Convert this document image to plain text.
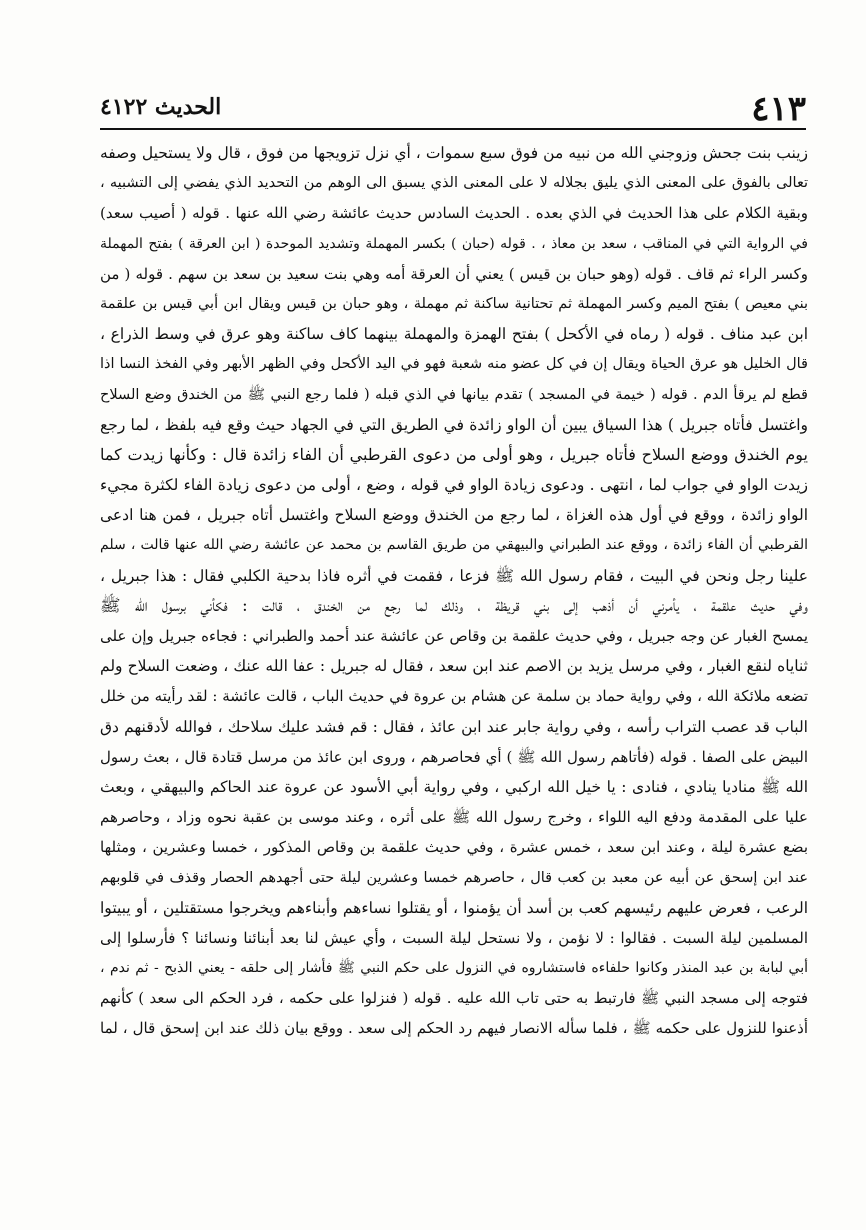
٤١٣
الحديث ٤١٢٢
زينب بنت جحش وزوجني الله من نبيه من فوق سبع سموات ، أي نزل تزويجها من فوق ، قال ولا يستحيل وصفه
تعالى بالفوق على المعنى الذي يليق بجلاله لا على المعنى الذي يسبق الى الوهم من التحديد الذي يفضي إلى التشبيه ،
وبقية الكلام على هذا الحديث في الذي بعده . الحديث السادس حديث عائشة رضي الله عنها . قوله ( أصيب سعد)
في الرواية التي في المناقب ، سعد بن معاذ ، . قوله (حبان ) بكسر المهملة وتشديد الموحدة ( ابن العرقة ) بفتح المهملة
وكسر الراء ثم قاف . قوله (وهو حبان بن قيس ) يعني أن العرقة أمه وهي بنت سعيد بن سعد بن سهم . قوله ( من
بني معيص ) بفتح الميم وكسر المهملة ثم تحتانية ساكنة ثم مهملة ، وهو حبان بن قيس ويقال ابن أبي قيس بن علقمة
ابن عبد مناف . قوله ( رماه في الأكحل ) بفتح الهمزة والمهملة بينهما كاف ساكنة وهو عرق في وسط الذراع ،
قال الخليل هو عرق الحياة ويقال إن في كل عضو منه شعبة فهو في اليد الأكحل وفي الظهر الأبهر وفي الفخذ النسا اذا
قطع لم يرقأ الدم . قوله ( خيمة في المسجد ) تقدم بيانها في الذي قبله ( فلما رجع النبي ﷺ من الخندق وضع السلاح
واغتسل فأتاه جبريل ) هذا السياق يبين أن الواو زائدة في الطريق التي في الجهاد حيث وقع فيه بلفظ ، لما رجع
يوم الخندق ووضع السلاح فأتاه جبريل ، وهو أولى من دعوى القرطبي أن الفاء زائدة قال : وكأنها زيدت كما
زيدت الواو في جواب لما ، انتهى . ودعوى زيادة الواو في قوله ، وضع ، أولى من دعوى زيادة الفاء لكثرة مجيء
الواو زائدة ، ووقع في أول هذه الغزاة ، لما رجع من الخندق ووضع السلاح واغتسل أتاه جبريل ، فمن هنا ادعى
القرطبي أن الفاء زائدة ، ووقع عند الطبراني والبيهقي من طريق القاسم بن محمد عن عائشة رضي الله عنها قالت ، سلم
علينا رجل ونحن في البيت ، فقام رسول الله ﷺ فزعا ، فقمت في أثره فاذا بدحية الكلبي فقال : هذا جبريل ،
وفي حديث علقمة ، يأمرني أن أذهب إلى بني قريظة ، وذلك لما رجع من الخندق ، قالت : فكأني برسول الله ﷺ
يمسح الغبار عن وجه جبريل ، وفي حديث علقمة بن وقاص عن عائشة عند أحمد والطبراني : فجاءه جبريل وإن على
ثناياه لنقع الغبار ، وفي مرسل يزيد بن الاصم عند ابن سعد ، فقال له جبريل : عفا الله عنك ، وضعت السلاح ولم
تضعه ملائكة الله ، وفي رواية حماد بن سلمة عن هشام بن عروة في حديث الباب ، قالت عائشة : لقد رأيته من خلل
الباب قد عصب التراب رأسه ، وفي رواية جابر عند ابن عائذ ، فقال : قم فشد عليك سلاحك ، فوالله لأدقنهم دق
البيض على الصفا . قوله (فأتاهم رسول الله ﷺ ) أي فحاصرهم ، وروى ابن عائذ من مرسل قتادة قال ، بعث رسول
الله ﷺ مناديا ينادي ، فنادى : يا خيل الله اركبي ، وفي رواية أبي الأسود عن عروة عند الحاكم والبيهقي ، وبعث
عليا على المقدمة ودفع اليه اللواء ، وخرج رسول الله ﷺ على أثره ، وعند موسى بن عقبة نحوه وزاد ، وحاصرهم
بضع عشرة ليلة ، وعند ابن سعد ، خمس عشرة ، وفي حديث علقمة بن وقاص المذكور ، خمسا وعشرين ، ومثلها
عند ابن إسحق عن أبيه عن معبد بن كعب قال ، حاصرهم خمسا وعشرين ليلة حتى أجهدهم الحصار وقذف في قلوبهم
الرعب ، فعرض عليهم رئيسهم كعب بن أسد أن يؤمنوا ، أو يقتلوا نساءهم وأبناءهم ويخرجوا مستقتلين ، أو يبيتوا
المسلمين ليلة السبت . فقالوا : لا نؤمن ، ولا نستحل ليلة السبت ، وأي عيش لنا بعد أبنائنا ونسائنا ؟ فأرسلوا إلى
أبي لبابة بن عبد المنذر وكانوا حلفاءه فاستشاروه في النزول على حكم النبي ﷺ فأشار إلى حلقه - يعني الذبح - ثم ندم ،
فتوجه إلى مسجد النبي ﷺ فارتبط به حتى تاب الله عليه . قوله ( فنزلوا على حكمه ، فرد الحكم الى سعد ) كأنهم
أذعنوا للنزول على حكمه ﷺ ، فلما سأله الانصار فيهم رد الحكم إلى سعد . ووقع بيان ذلك عند ابن إسحق قال ، لما
